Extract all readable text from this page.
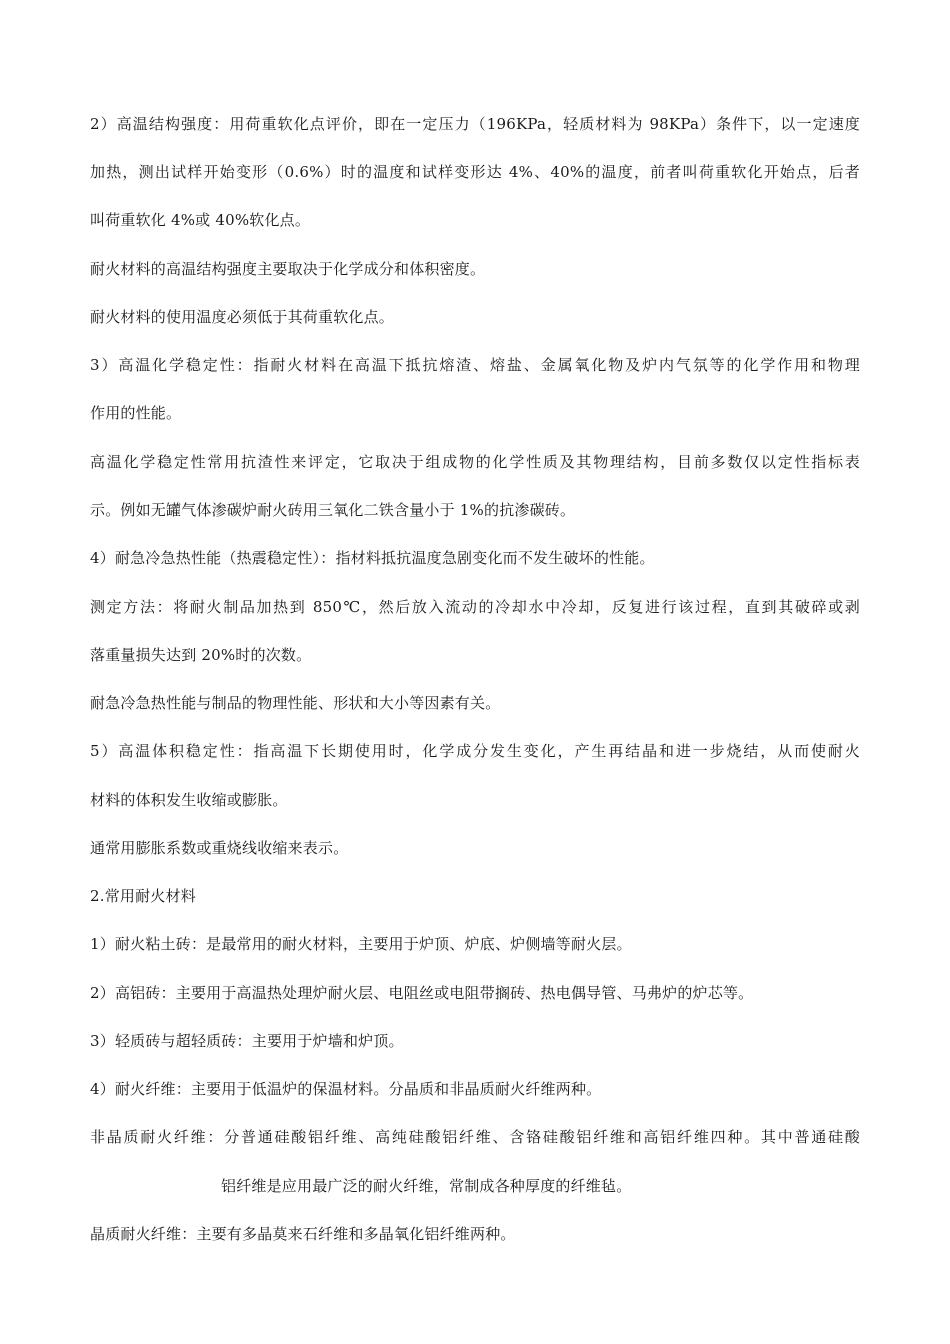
2）高温结构强度：用荷重软化点评价，即在一定压力（196KPa，轻质材料为 98KPa）条件下，以一定速度
加热，测出试样开始变形（0.6%）时的温度和试样变形达 4%、40%的温度，前者叫荷重软化开始点，后者
叫荷重软化 4%或 40%软化点。
耐火材料的高温结构强度主要取决于化学成分和体积密度。
耐火材料的使用温度必须低于其荷重软化点。
3）高温化学稳定性：指耐火材料在高温下抵抗熔渣、熔盐、金属氧化物及炉内气氛等的化学作用和物理
作用的性能。
高温化学稳定性常用抗渣性来评定，它取决于组成物的化学性质及其物理结构，目前多数仅以定性指标表
示。例如无罐气体渗碳炉耐火砖用三氧化二铁含量小于 1%的抗渗碳砖。
4）耐急冷急热性能（热震稳定性）：指材料抵抗温度急剧变化而不发生破坏的性能。
测定方法：将耐火制品加热到 850℃，然后放入流动的冷却水中冷却，反复进行该过程，直到其破碎或剥
落重量损失达到 20%时的次数。
耐急冷急热性能与制品的物理性能、形状和大小等因素有关。
5）高温体积稳定性：指高温下长期使用时，化学成分发生变化，产生再结晶和进一步烧结，从而使耐火
材料的体积发生收缩或膨胀。
通常用膨胀系数或重烧线收缩来表示。
2.常用耐火材料
1）耐火粘土砖：是最常用的耐火材料，主要用于炉顶、炉底、炉侧墙等耐火层。
2）高铝砖：主要用于高温热处理炉耐火层、电阻丝或电阻带搁砖、热电偶导管、马弗炉的炉芯等。
3）轻质砖与超轻质砖：主要用于炉墙和炉顶。
4）耐火纤维：主要用于低温炉的保温材料。分晶质和非晶质耐火纤维两种。
非晶质耐火纤维：分普通硅酸铝纤维、高纯硅酸铝纤维、含铬硅酸铝纤维和高铝纤维四种。其中普通硅酸
铝纤维是应用最广泛的耐火纤维，常制成各种厚度的纤维毡。
晶质耐火纤维：主要有多晶莫来石纤维和多晶氧化铝纤维两种。
